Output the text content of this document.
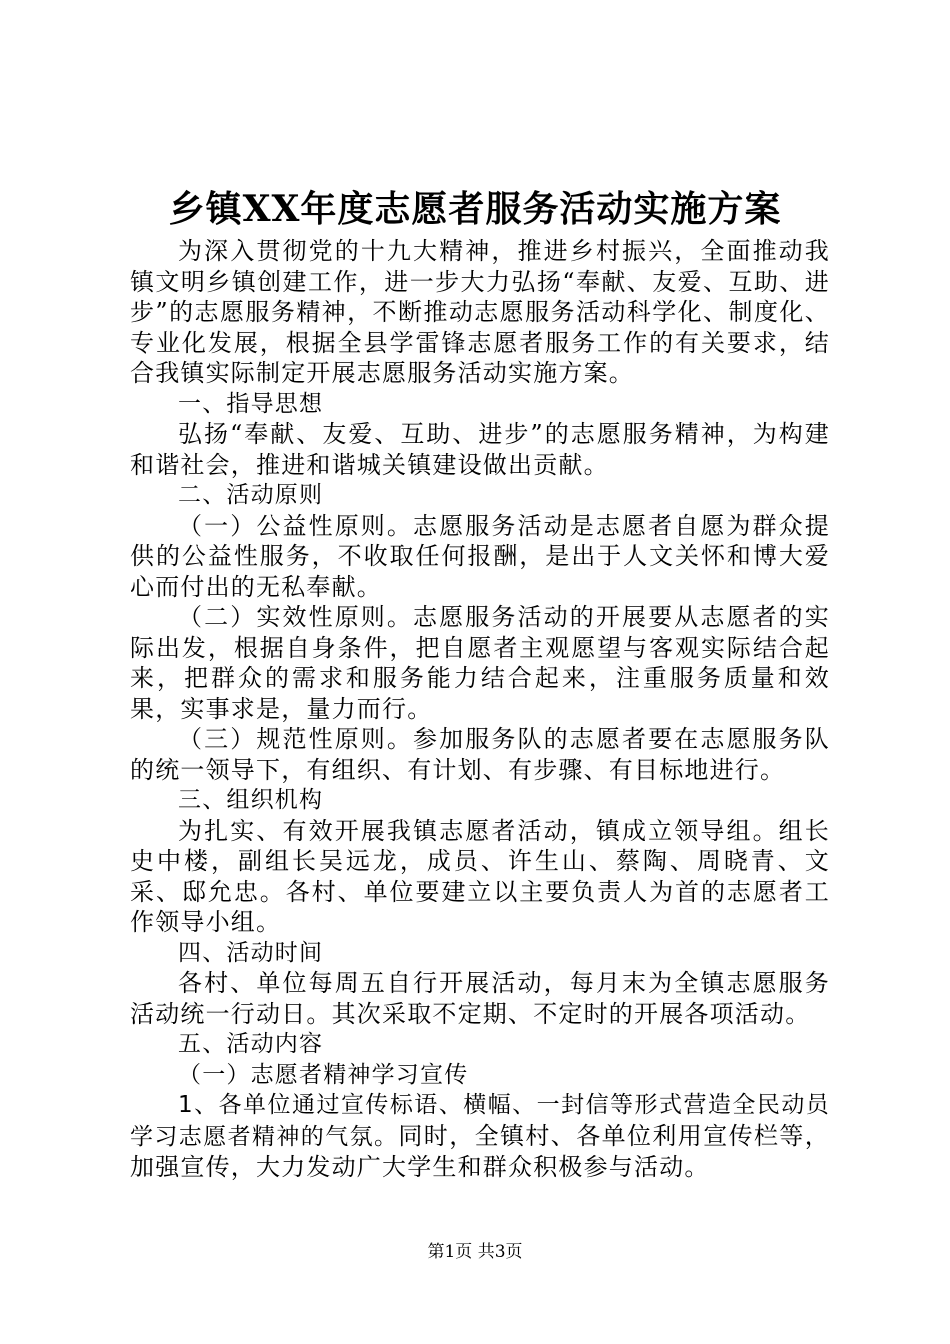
乡镇XX年度志愿者服务活动实施方案

为深入贯彻党的十九大精神，推进乡村振兴，全面推动我镇文明乡镇创建工作，进一步大力弘扬“奉献、友爱、互助、进步”的志愿服务精神，不断推动志愿服务活动科学化、制度化、专业化发展，根据全县学雷锋志愿者服务工作的有关要求，结合我镇实际制定开展志愿服务活动实施方案。

一、指导思想

弘扬“奉献、友爱、互助、进步”的志愿服务精神，为构建和谐社会，推进和谐城关镇建设做出贡献。

二、活动原则

（一）公益性原则。志愿服务活动是志愿者自愿为群众提供的公益性服务，不收取任何报酬，是出于人文关怀和博大爱心而付出的无私奉献。

（二）实效性原则。志愿服务活动的开展要从志愿者的实际出发，根据自身条件，把自愿者主观愿望与客观实际结合起来，把群众的需求和服务能力结合起来，注重服务质量和效果，实事求是，量力而行。

（三）规范性原则。参加服务队的志愿者要在志愿服务队的统一领导下，有组织、有计划、有步骤、有目标地进行。

三、组织机构

为扎实、有效开展我镇志愿者活动，镇成立领导组。组长史中楼，副组长吴远龙，成员、许生山、蔡陶、周晓青、文采、邸允忠。各村、单位要建立以主要负责人为首的志愿者工作领导小组。

四、活动时间

各村、单位每周五自行开展活动，每月末为全镇志愿服务活动统一行动日。其次采取不定期、不定时的开展各项活动。

五、活动内容

（一）志愿者精神学习宣传

1、各单位通过宣传标语、横幅、一封信等形式营造全民动员学习志愿者精神的气氛。同时，全镇村、各单位利用宣传栏等，加强宣传，大力发动广大学生和群众积极参与活动。

第1页 共3页
